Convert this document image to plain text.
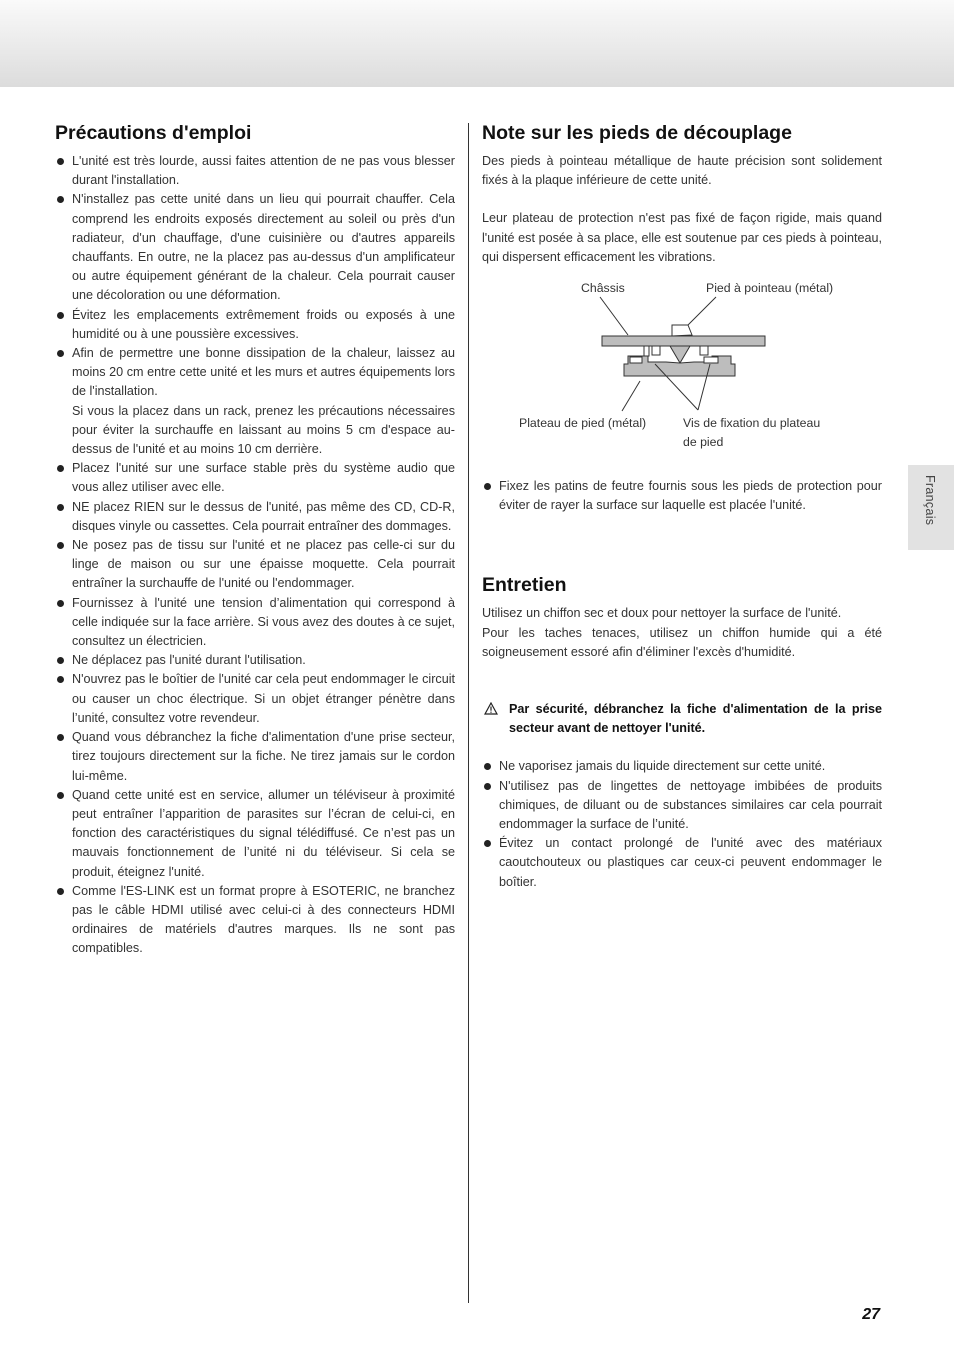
Précautions d'emploi
L'unité est très lourde, aussi faites attention de ne pas vous blesser durant l'installation.
N'installez pas cette unité dans un lieu qui pourrait chauffer. Cela comprend les endroits exposés directement au soleil ou près d'un radiateur, d'un chauffage, d'une cuisinière ou d'autres appareils chauffants. En outre, ne la placez pas au-dessus d'un amplificateur ou autre équipement générant de la chaleur. Cela pourrait causer une décoloration ou une déformation.
Évitez les emplacements extrêmement froids ou exposés à une humidité ou à une poussière excessives.
Afin de permettre une bonne dissipation de la chaleur, laissez au moins 20 cm entre cette unité et les murs et autres équipements lors de l'installation.

Si vous la placez dans un rack, prenez les précautions nécessaires pour éviter la surchauffe en laissant au moins 5 cm d'espace au-dessus de l'unité et au moins 10 cm derrière.

Placez l'unité sur une surface stable près du système audio que vous allez utiliser avec elle.
NE placez RIEN sur le dessus de l'unité, pas même des CD, CD-R, disques vinyle ou cassettes. Cela pourrait entraîner des dommages.
Ne posez pas de tissu sur l'unité et ne placez pas celle-ci sur du linge de maison ou sur une épaisse moquette. Cela pourrait entraîner la surchauffe de l'unité ou l'endommager.
Fournissez à l'unité une tension d’alimentation qui correspond à celle indiquée sur la face arrière. Si vous avez des doutes à ce sujet, consultez un électricien.
Ne déplacez pas l'unité durant l'utilisation.
N'ouvrez pas le boîtier de l'unité car cela peut endommager le circuit ou causer un choc électrique. Si un objet étranger pénètre dans l’unité, consultez votre revendeur.
Quand vous débranchez la fiche d'alimentation d'une prise secteur, tirez toujours directement sur la fiche. Ne tirez jamais sur le cordon lui-même.
Quand cette unité est en service, allumer un téléviseur à proximité peut entraîner l’apparition de parasites sur l’écran de celui-ci, en fonction des caractéristiques du signal télédiffusé. Ce n’est pas un mauvais fonctionnement de l’unité ni du téléviseur. Si cela se produit, éteignez l'unité.
Comme l'ES-LINK est un format propre à ESOTERIC, ne branchez pas le câble HDMI utilisé avec celui-ci à des connecteurs HDMI ordinaires de matériels d'autres marques. Ils ne sont pas compatibles.
Note sur les pieds de découplage

Des pieds à pointeau métallique de haute précision sont solidement fixés à la plaque inférieure de cette unité.

Leur plateau de protection n'est pas fixé de façon rigide, mais quand l'unité est posée à sa place, elle est soutenue par ces pieds à pointeau, qui dispersent efficacement les vibrations.

Châssis	Pied à pointeau (métal)
Plateau de pied (métal)	Vis de fixation du plateau
de pied
Fixez les patins de feutre fournis sous les pieds de protection pour éviter de rayer la surface sur laquelle est placée l'unité.
Entretien

Utilisez un chiffon sec et doux pour nettoyer la surface de l'unité.

Pour les taches tenaces, utilisez un chiffon humide qui a été soigneusement essoré afin d'éliminer l'excès d'humidité.

Par sécurité, débranchez la fiche d'alimentation de la prise secteur avant de nettoyer l'unité.
Ne vaporisez jamais du liquide directement sur cette unité.
N'utilisez pas de lingettes de nettoyage imbibées de produits chimiques, de diluant ou de substances similaires car cela pourrait endommager la surface de l’unité.
Évitez un contact prolongé de l'unité avec des matériaux caoutchouteux ou plastiques car ceux-ci peuvent endommager le boîtier.
Français
27
